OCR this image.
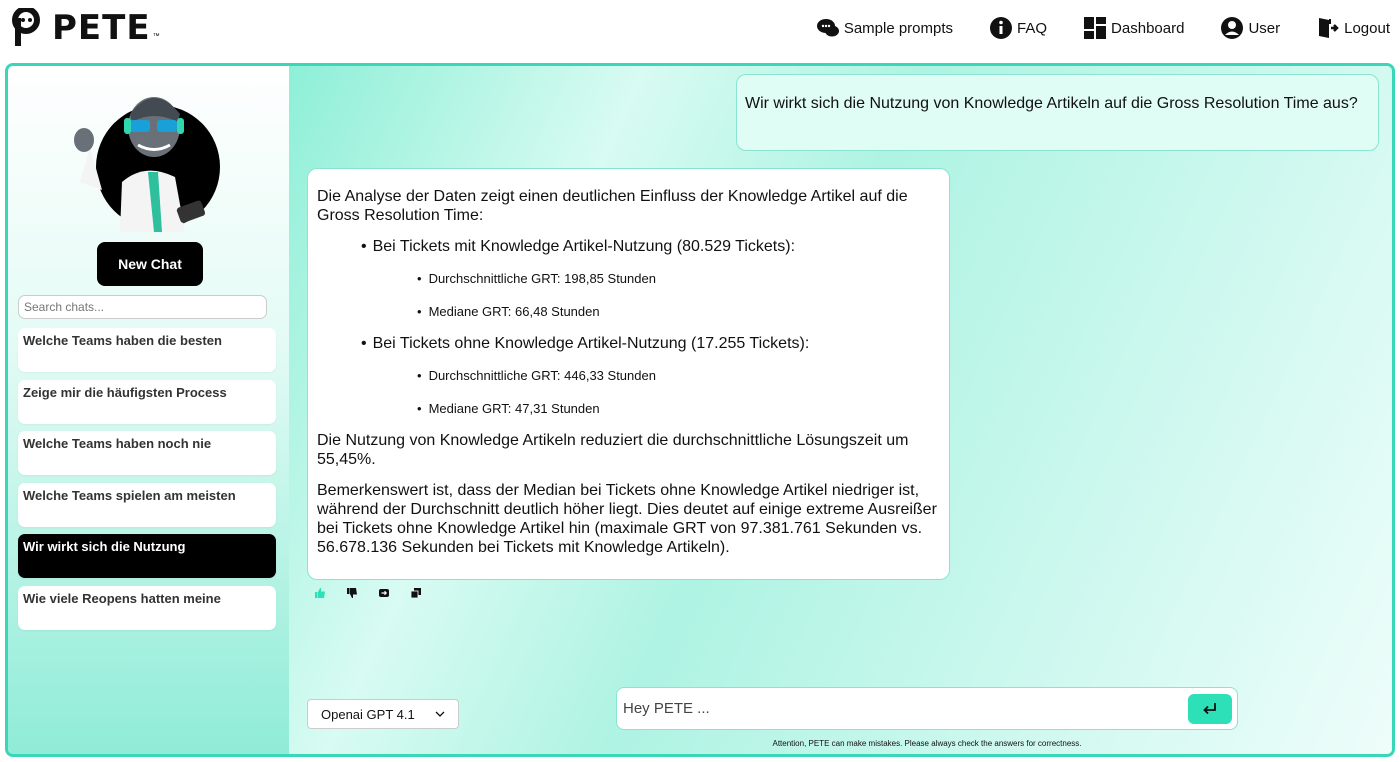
PETE ™	Sample prompts	FAQ	Dashboard	User	Logout
New Chat
Search chats...
Welche Teams haben die besten
Zeige mir die häufigsten Process
Welche Teams haben noch nie
Welche Teams spielen am meisten
Wir wirkt sich die Nutzung
Wie viele Reopens hatten meine
Wir wirkt sich die Nutzung von Knowledge Artikeln auf die Gross Resolution Time aus?

Die Analyse der Daten zeigt einen deutlichen Einfluss der Knowledge Artikel auf die Gross Resolution Time:

• Bei Tickets mit Knowledge Artikel-Nutzung (80.529 Tickets):
• Durchschnittliche GRT: 198,85 Stunden
• Mediane GRT: 66,48 Stunden
• Bei Tickets ohne Knowledge Artikel-Nutzung (17.255 Tickets):
• Durchschnittliche GRT: 446,33 Stunden
• Mediane GRT: 47,31 Stunden

Die Nutzung von Knowledge Artikeln reduziert die durchschnittliche Lösungszeit um 55,45%.

Bemerkenswert ist, dass der Median bei Tickets ohne Knowledge Artikel niedriger ist, während der Durchschnitt deutlich höher liegt. Dies deutet auf einige extreme Ausreißer bei Tickets ohne Knowledge Artikel hin (maximale GRT von 97.381.761 Sekunden vs. 56.678.136 Sekunden bei Tickets mit Knowledge Artikeln).

Openai GPT 4.1
Hey PETE ...
Attention, PETE can make mistakes. Please always check the answers for correctness.
